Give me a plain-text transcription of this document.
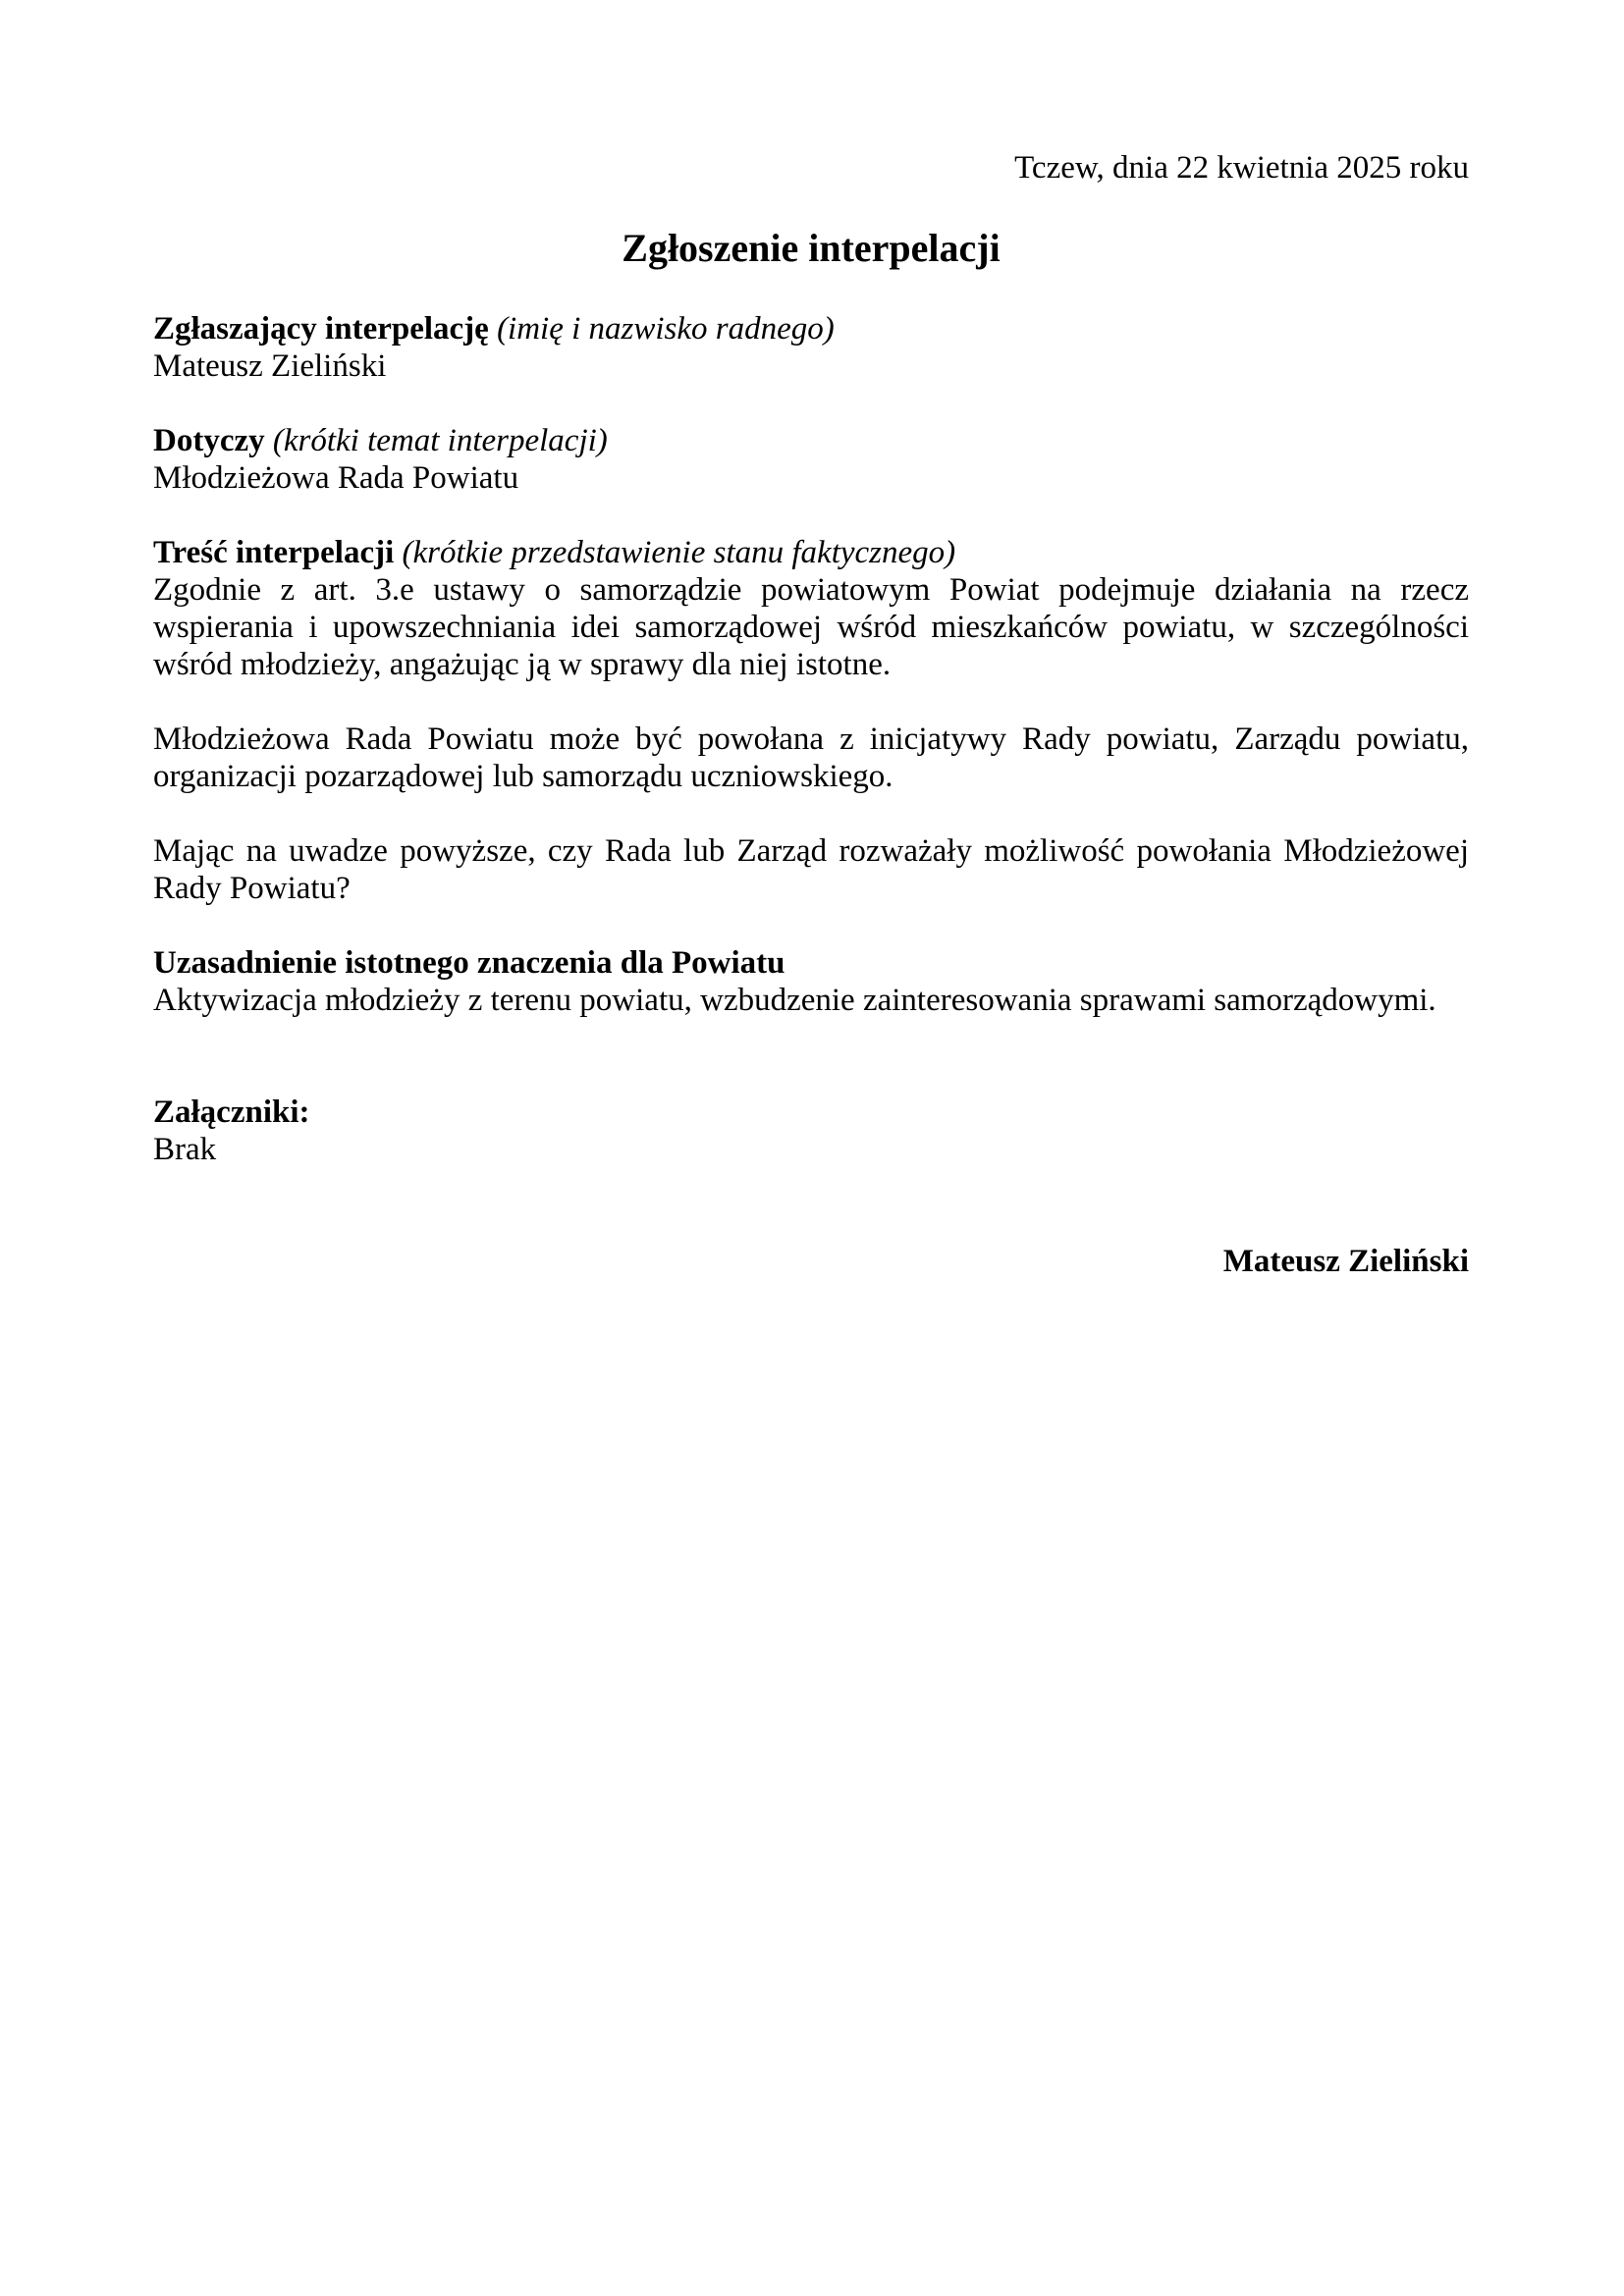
Tczew, dnia 22 kwietnia 2025 roku

Zgłoszenie interpelacji

Zgłaszający interpelację (imię i nazwisko radnego)

Mateusz Zieliński

Dotyczy (krótki temat interpelacji)

Młodzieżowa Rada Powiatu

Treść interpelacji (krótkie przedstawienie stanu faktycznego)

Zgodnie z art. 3.e ustawy o samorządzie powiatowym Powiat podejmuje działania na rzecz wspierania i upowszechniania idei samorządowej wśród mieszkańców powiatu, w szczególności wśród młodzieży, angażując ją w sprawy dla niej istotne.

Młodzieżowa Rada Powiatu może być powołana z inicjatywy Rady powiatu, Zarządu powiatu, organizacji pozarządowej lub samorządu uczniowskiego.

Mając na uwadze powyższe, czy Rada lub Zarząd rozważały możliwość powołania Młodzieżowej Rady Powiatu?

Uzasadnienie istotnego znaczenia dla Powiatu

Aktywizacja młodzieży z terenu powiatu, wzbudzenie zainteresowania sprawami samorządowymi.

Załączniki:

Brak

Mateusz Zieliński
